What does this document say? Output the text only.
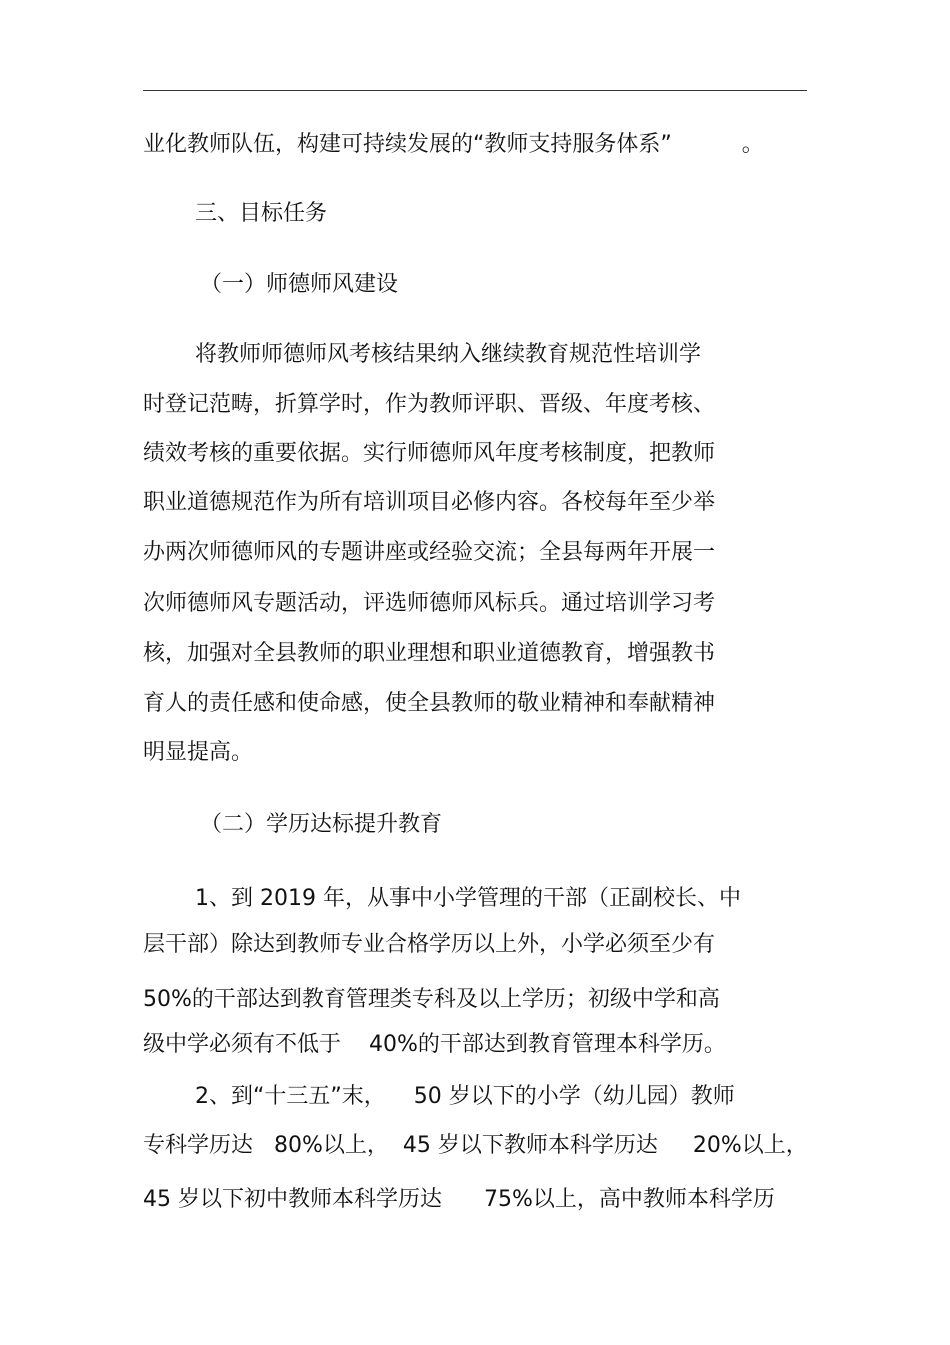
业化教师队伍，构建可持续发展的“教师支持服务体系”          。
三、目标任务
（一）师德师风建设
将教师师德师风考核结果纳入继续教育规范性培训学
时登记范畴，折算学时，作为教师评职、晋级、年度考核、
绩效考核的重要依据。实行师德师风年度考核制度，把教师
职业道德规范作为所有培训项目必修内容。各校每年至少举
办两次师德师风的专题讲座或经验交流；全县每两年开展一
次师德师风专题活动，评选师德师风标兵。通过培训学习考
核，加强对全县教师的职业理想和职业道德教育，增强教书
育人的责任感和使命感，使全县教师的敬业精神和奉献精神
明显提高。
（二）学历达标提升教育
1、到 2019 年，从事中小学管理的干部（正副校长、中
层干部）除达到教师专业合格学历以上外，小学必须至少有
50%的干部达到教育管理类专科及以上学历；初级中学和高
级中学必须有不低于    40%的干部达到教育管理本科学历。
2、到“十三五”末，    50 岁以下的小学（幼儿园）教师
专科学历达   80%以上，  45 岁以下教师本科学历达     20%以上，
45 岁以下初中教师本科学历达      75%以上，高中教师本科学历
